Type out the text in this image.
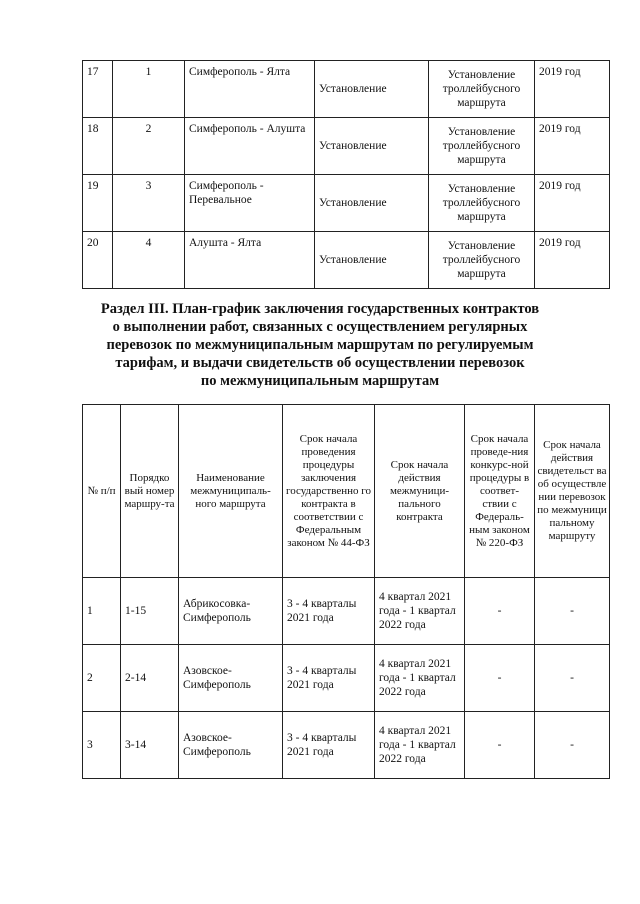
17	1	Симферополь - Ялта	Установление	Установление троллейбусного маршрута	2019 год
18	2	Симферополь - Алушта	Установление	Установление троллейбусного маршрута	2019 год
19	3	Симферополь - Перевальное	Установление	Установление троллейбусного маршрута	2019 год
20	4	Алушта - Ялта	Установление	Установление троллейбусного маршрута	2019 год
Раздел III. План-график заключения государственных контрактов
о выполнении работ, связанных с осуществлением регулярных
перевозок по межмуниципальным маршрутам по регулируемым
тарифам, и выдачи свидетельств об осуществлении перевозок
по межмуниципальным маршрутам
№ п/п	Порядко вый номер маршру-та	Наименование межмуниципаль-ного маршрута	Срок начала проведения процедуры заключения государственно го контракта в соответствии с Федеральным законом № 44-ФЗ	Срок начала действия межмуници-пального контракта	Срок начала проведе-ния конкурс-ной процедуры в соответ-ствии с Федераль-ным законом № 220-ФЗ	Срок начала действия свидетельст ва об осуществле нии перевозок по межмуници пальному маршруту
1	1-15	Абрикосовка-Симферополь	3 - 4 кварталы 2021 года	4 квартал 2021 года - 1 квартал 2022 года	-	-
2	2-14	Азовское-Симферополь	3 - 4 кварталы 2021 года	4 квартал 2021 года - 1 квартал 2022 года	-	-
3	3-14	Азовское-Симферополь	3 - 4 кварталы 2021 года	4 квартал 2021 года - 1 квартал 2022 года	-	-
